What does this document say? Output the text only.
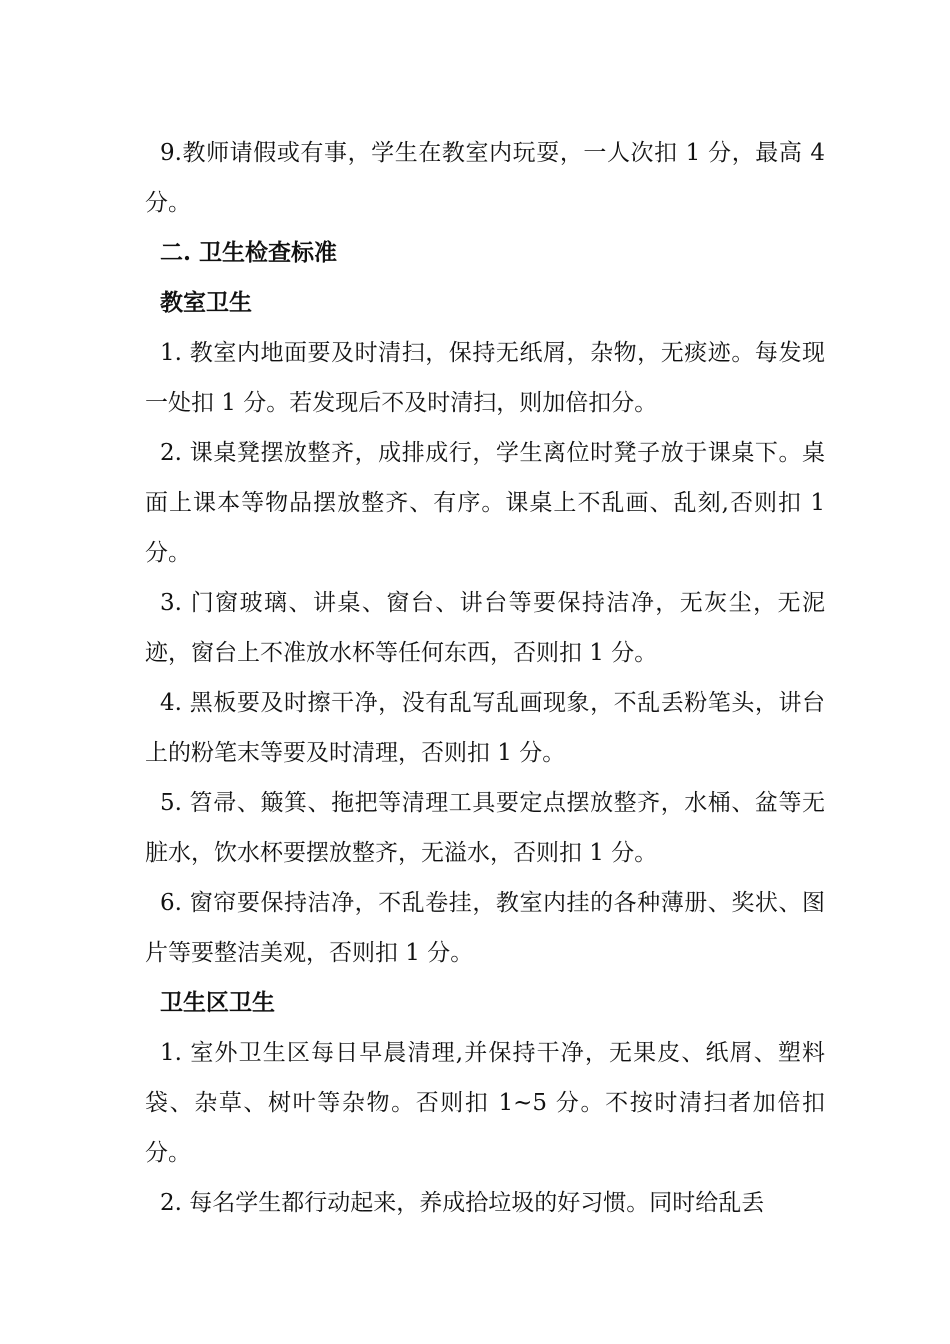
9.教师请假或有事，学生在教室内玩耍，一人次扣 1 分，最高 4 分。

二. 卫生检查标准

教室卫生

1. 教室内地面要及时清扫，保持无纸屑，杂物，无痰迹。每发现一处扣 1 分。若发现后不及时清扫，则加倍扣分。

2. 课桌凳摆放整齐，成排成行，学生离位时凳子放于课桌下。桌面上课本等物品摆放整齐、有序。课桌上不乱画、乱刻,否则扣 1 分。

3. 门窗玻璃、讲桌、窗台、讲台等要保持洁净，无灰尘，无泥迹，窗台上不准放水杯等任何东西，否则扣 1 分。

4. 黑板要及时擦干净，没有乱写乱画现象，不乱丢粉笔头，讲台上的粉笔末等要及时清理，否则扣 1 分。

5. 笤帚、簸箕、拖把等清理工具要定点摆放整齐，水桶、盆等无脏水，饮水杯要摆放整齐，无溢水，否则扣 1 分。

6. 窗帘要保持洁净，不乱卷挂，教室内挂的各种薄册、奖状、图片等要整洁美观，否则扣 1 分。

卫生区卫生

1. 室外卫生区每日早晨清理,并保持干净，无果皮、纸屑、塑料袋、杂草、树叶等杂物。否则扣 1~5 分。不按时清扫者加倍扣分。

2. 每名学生都行动起来，养成拾垃圾的好习惯。同时给乱丢
